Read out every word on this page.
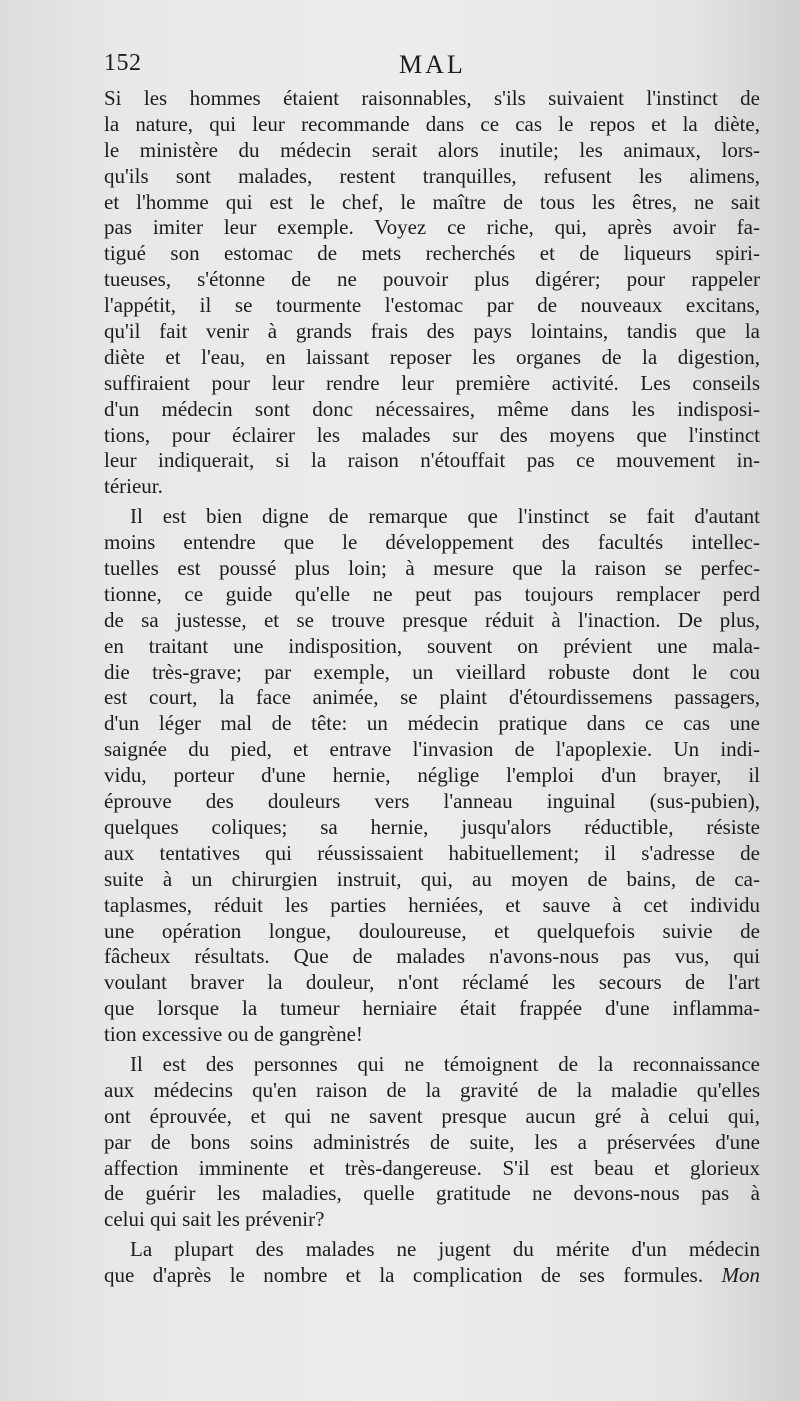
152	MAL
Si les hommes étaient raisonnables, s'ils suivaient l'instinct de
la nature, qui leur recommande dans ce cas le repos et la diète,
le ministère du médecin serait alors inutile; les animaux, lors-
qu'ils sont malades, restent tranquilles, refusent les alimens,
et l'homme qui est le chef, le maître de tous les êtres, ne sait
pas imiter leur exemple. Voyez ce riche, qui, après avoir fa-
tigué son estomac de mets recherchés et de liqueurs spiri-
tueuses, s'étonne de ne pouvoir plus digérer; pour rappeler
l'appétit, il se tourmente l'estomac par de nouveaux excitans,
qu'il fait venir à grands frais des pays lointains, tandis que la
diète et l'eau, en laissant reposer les organes de la digestion,
suffiraient pour leur rendre leur première activité. Les conseils
d'un médecin sont donc nécessaires, même dans les indisposi-
tions, pour éclairer les malades sur des moyens que l'instinct
leur indiquerait, si la raison n'étouffait pas ce mouvement in-
térieur.
Il est bien digne de remarque que l'instinct se fait d'autant
moins entendre que le développement des facultés intellec-
tuelles est poussé plus loin; à mesure que la raison se perfec-
tionne, ce guide qu'elle ne peut pas toujours remplacer perd
de sa justesse, et se trouve presque réduit à l'inaction. De plus,
en traitant une indisposition, souvent on prévient une mala-
die très-grave; par exemple, un vieillard robuste dont le cou
est court, la face animée, se plaint d'étourdissemens passagers,
d'un léger mal de tête: un médecin pratique dans ce cas une
saignée du pied, et entrave l'invasion de l'apoplexie. Un indi-
vidu, porteur d'une hernie, néglige l'emploi d'un brayer, il
éprouve des douleurs vers l'anneau inguinal (sus-pubien),
quelques coliques; sa hernie, jusqu'alors réductible, résiste
aux tentatives qui réussissaient habituellement; il s'adresse de
suite à un chirurgien instruit, qui, au moyen de bains, de ca-
taplasmes, réduit les parties herniées, et sauve à cet individu
une opération longue, douloureuse, et quelquefois suivie de
fâcheux résultats. Que de malades n'avons-nous pas vus, qui
voulant braver la douleur, n'ont réclamé les secours de l'art
que lorsque la tumeur herniaire était frappée d'une inflamma-
tion excessive ou de gangrène!
Il est des personnes qui ne témoignent de la reconnaissance
aux médecins qu'en raison de la gravité de la maladie qu'elles
ont éprouvée, et qui ne savent presque aucun gré à celui qui,
par de bons soins administrés de suite, les a préservées d'une
affection imminente et très-dangereuse. S'il est beau et glorieux
de guérir les maladies, quelle gratitude ne devons-nous pas à
celui qui sait les prévenir?
La plupart des malades ne jugent du mérite d'un médecin
que d'après le nombre et la complication de ses formules. Mon
